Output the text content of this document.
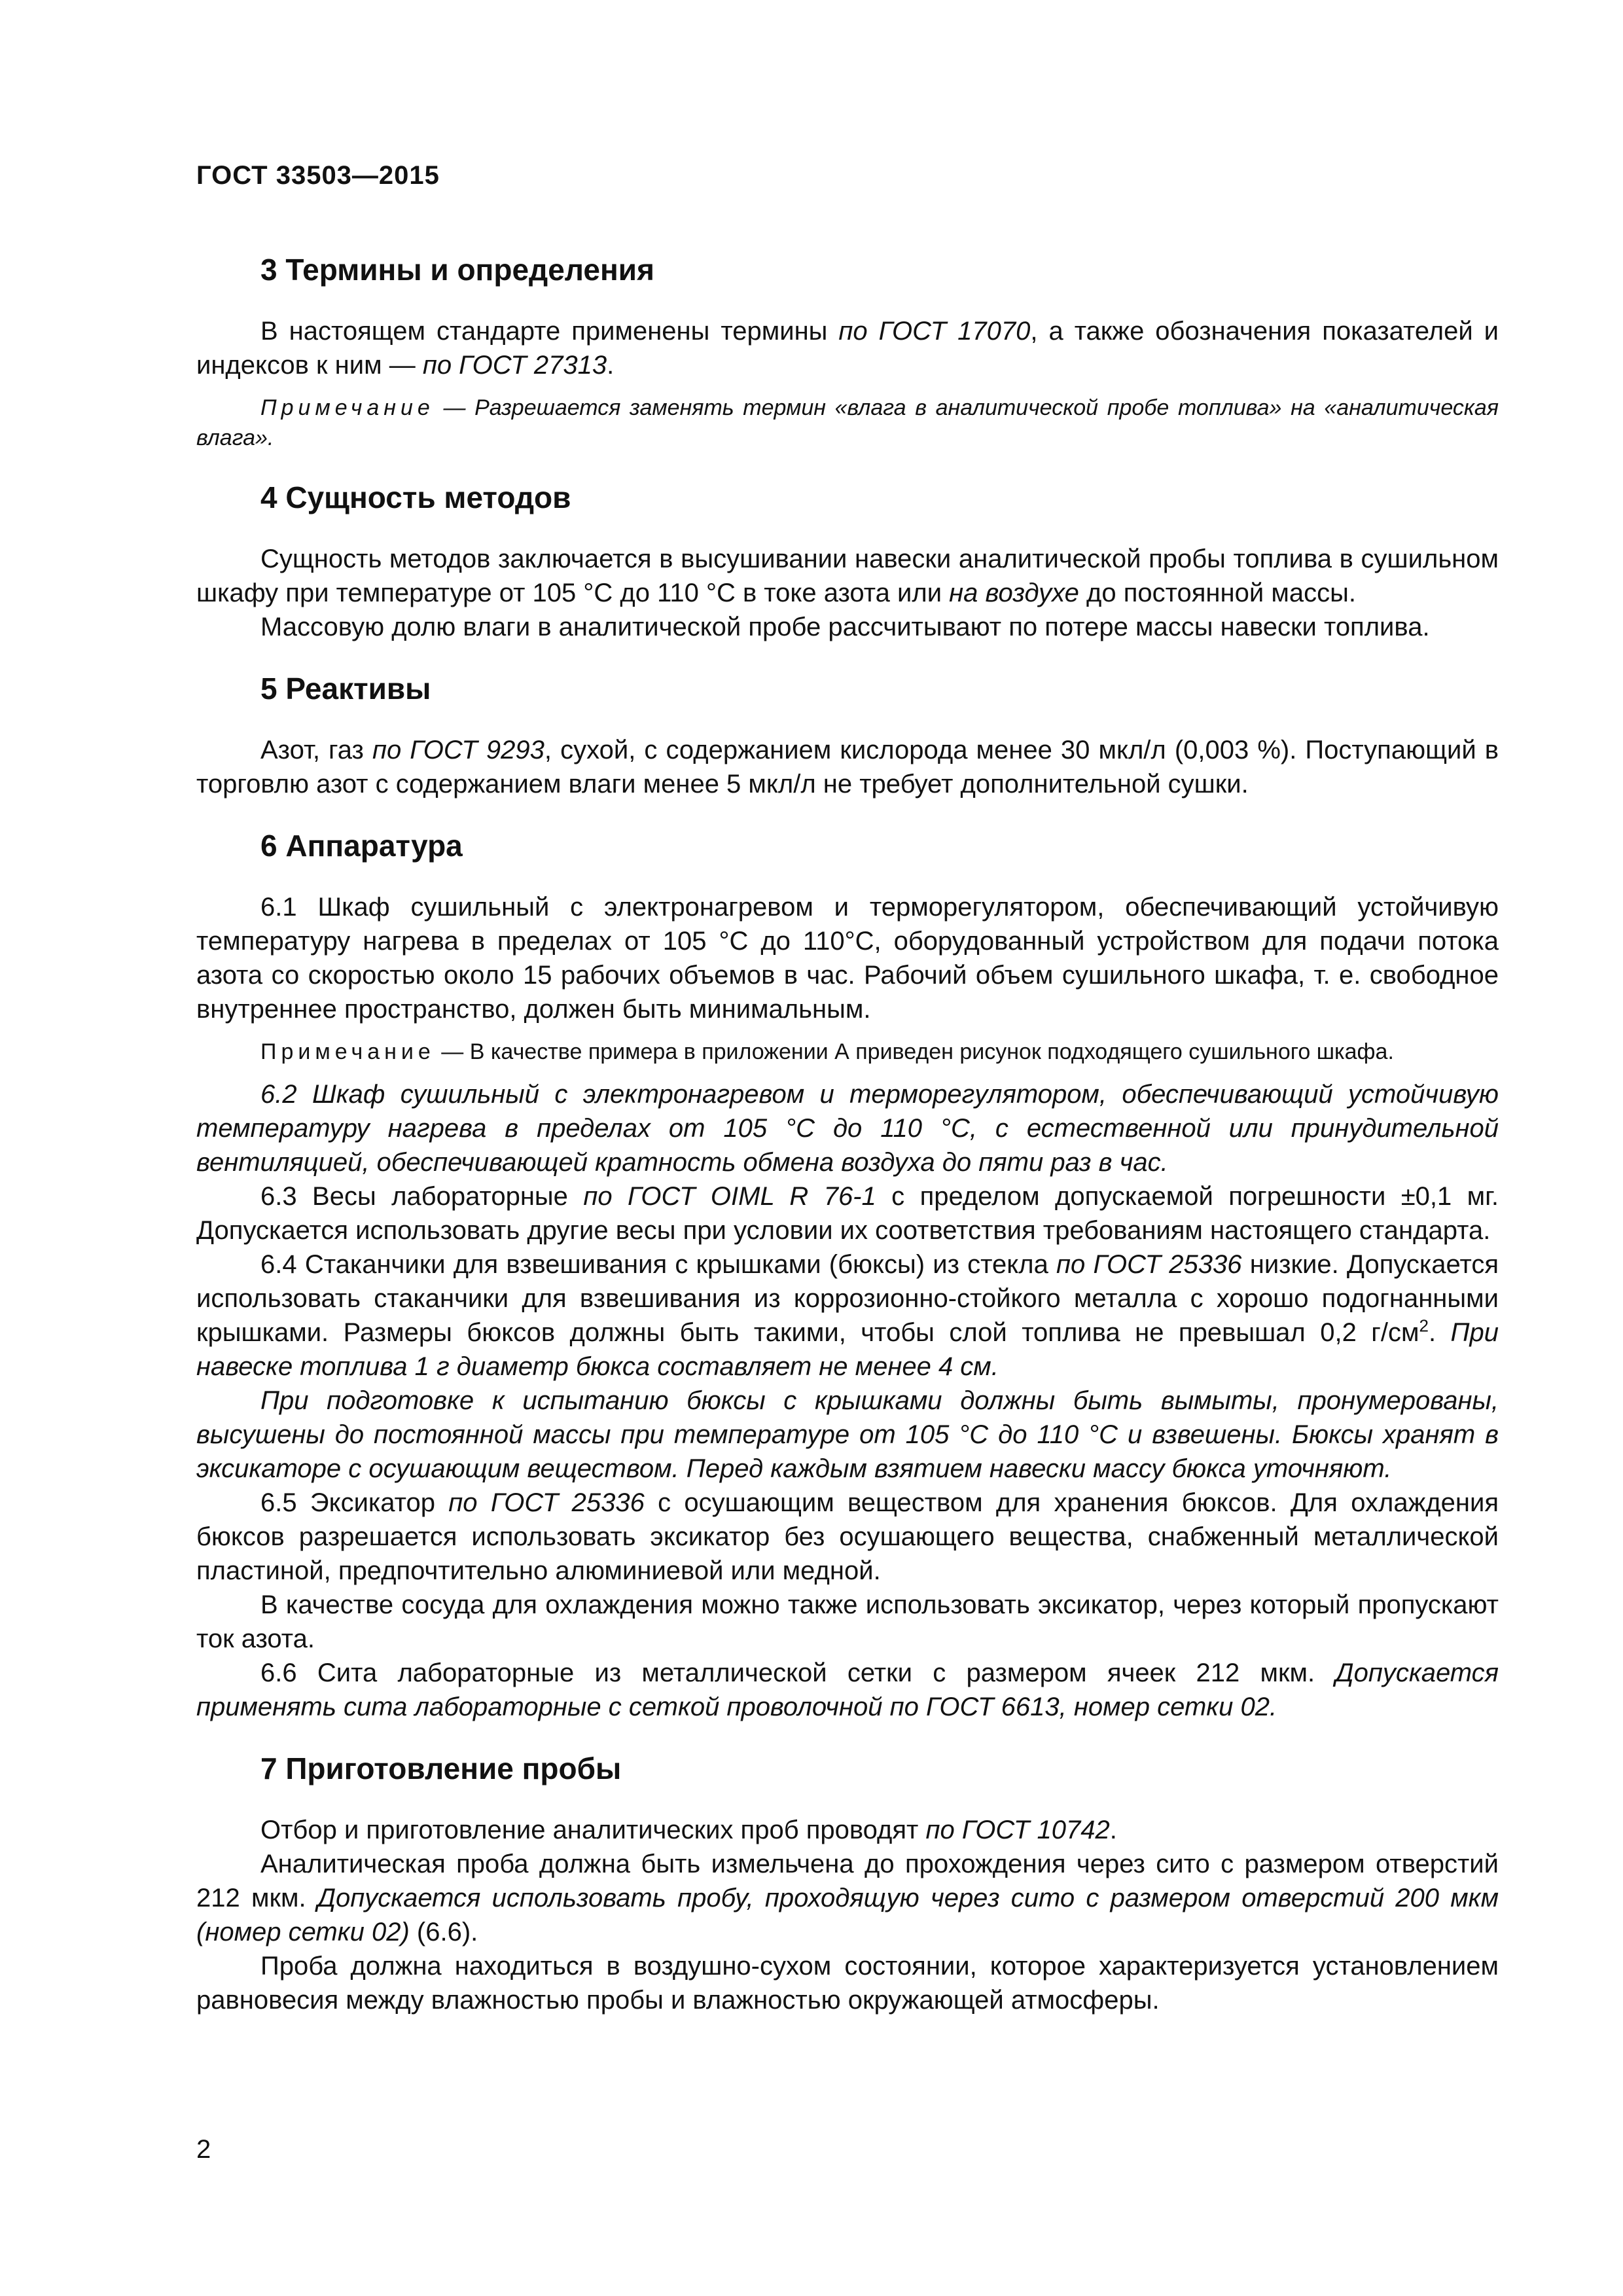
ГОСТ 33503—2015
3 Термины и определения

В настоящем стандарте применены термины по ГОСТ 17070, а также обозначения показателей и индексов к ним — по ГОСТ 27313.

Примечание — Разрешается заменять термин «влага в аналитической пробе топлива» на «аналитическая влага».

4 Сущность методов

Сущность методов заключается в высушивании навески аналитической пробы топлива в сушильном шкафу при температуре от 105 °С до 110 °С в токе азота или на воздухе до постоянной массы.

Массовую долю влаги в аналитической пробе рассчитывают по потере массы навески топлива.

5 Реактивы

Азот, газ по ГОСТ 9293, сухой, с содержанием кислорода менее 30 мкл/л (0,003 %). Поступающий в торговлю азот с содержанием влаги менее 5 мкл/л не требует дополнительной сушки.

6 Аппаратура

6.1 Шкаф сушильный с электронагревом и терморегулятором, обеспечивающий устойчивую температуру нагрева в пределах от 105 °С до 110°С, оборудованный устройством для подачи потока азота со скоростью около 15 рабочих объемов в час. Рабочий объем сушильного шкафа, т. е. свободное внутреннее пространство, должен быть минимальным.

Примечание — В качестве примера в приложении А приведен рисунок подходящего сушильного шкафа.

6.2 Шкаф сушильный с электронагревом и терморегулятором, обеспечивающий устойчивую температуру нагрева в пределах от 105 °С до 110 °С, с естественной или принудительной вентиляцией, обеспечивающей кратность обмена воздуха до пяти раз в час.

6.3 Весы лабораторные по ГОСТ OIML R 76-1 с пределом допускаемой погрешности ±0,1 мг. Допускается использовать другие весы при условии их соответствия требованиям настоящего стандарта.

6.4 Стаканчики для взвешивания с крышками (бюксы) из стекла по ГОСТ 25336 низкие. Допускается использовать стаканчики для взвешивания из коррозионно-стойкого металла с хорошо подогнанными крышками. Размеры бюксов должны быть такими, чтобы слой топлива не превышал 0,2 $г/см^2$. При навеске топлива 1 г диаметр бюкса составляет не менее 4 см.

При подготовке к испытанию бюксы с крышками должны быть вымыты, пронумерованы, высушены до постоянной массы при температуре от 105 °С до 110 °С и взвешены. Бюксы хранят в эксикаторе с осушающим веществом. Перед каждым взятием навески массу бюкса уточняют.

6.5 Эксикатор по ГОСТ 25336 с осушающим веществом для хранения бюксов. Для охлаждения бюксов разрешается использовать эксикатор без осушающего вещества, снабженный металлической пластиной, предпочтительно алюминиевой или медной.

В качестве сосуда для охлаждения можно также использовать эксикатор, через который пропускают ток азота.

6.6 Сита лабораторные из металлической сетки с размером ячеек 212 мкм. Допускается применять сита лабораторные с сеткой проволочной по ГОСТ 6613, номер сетки 02.

7 Приготовление пробы

Отбор и приготовление аналитических проб проводят по ГОСТ 10742.

Аналитическая проба должна быть измельчена до прохождения через сито с размером отверстий 212 мкм. Допускается использовать пробу, проходящую через сито с размером отверстий 200 мкм (номер сетки 02) (6.6).

Проба должна находиться в воздушно-сухом состоянии, которое характеризуется установлением равновесия между влажностью пробы и влажностью окружающей атмосферы.

2
